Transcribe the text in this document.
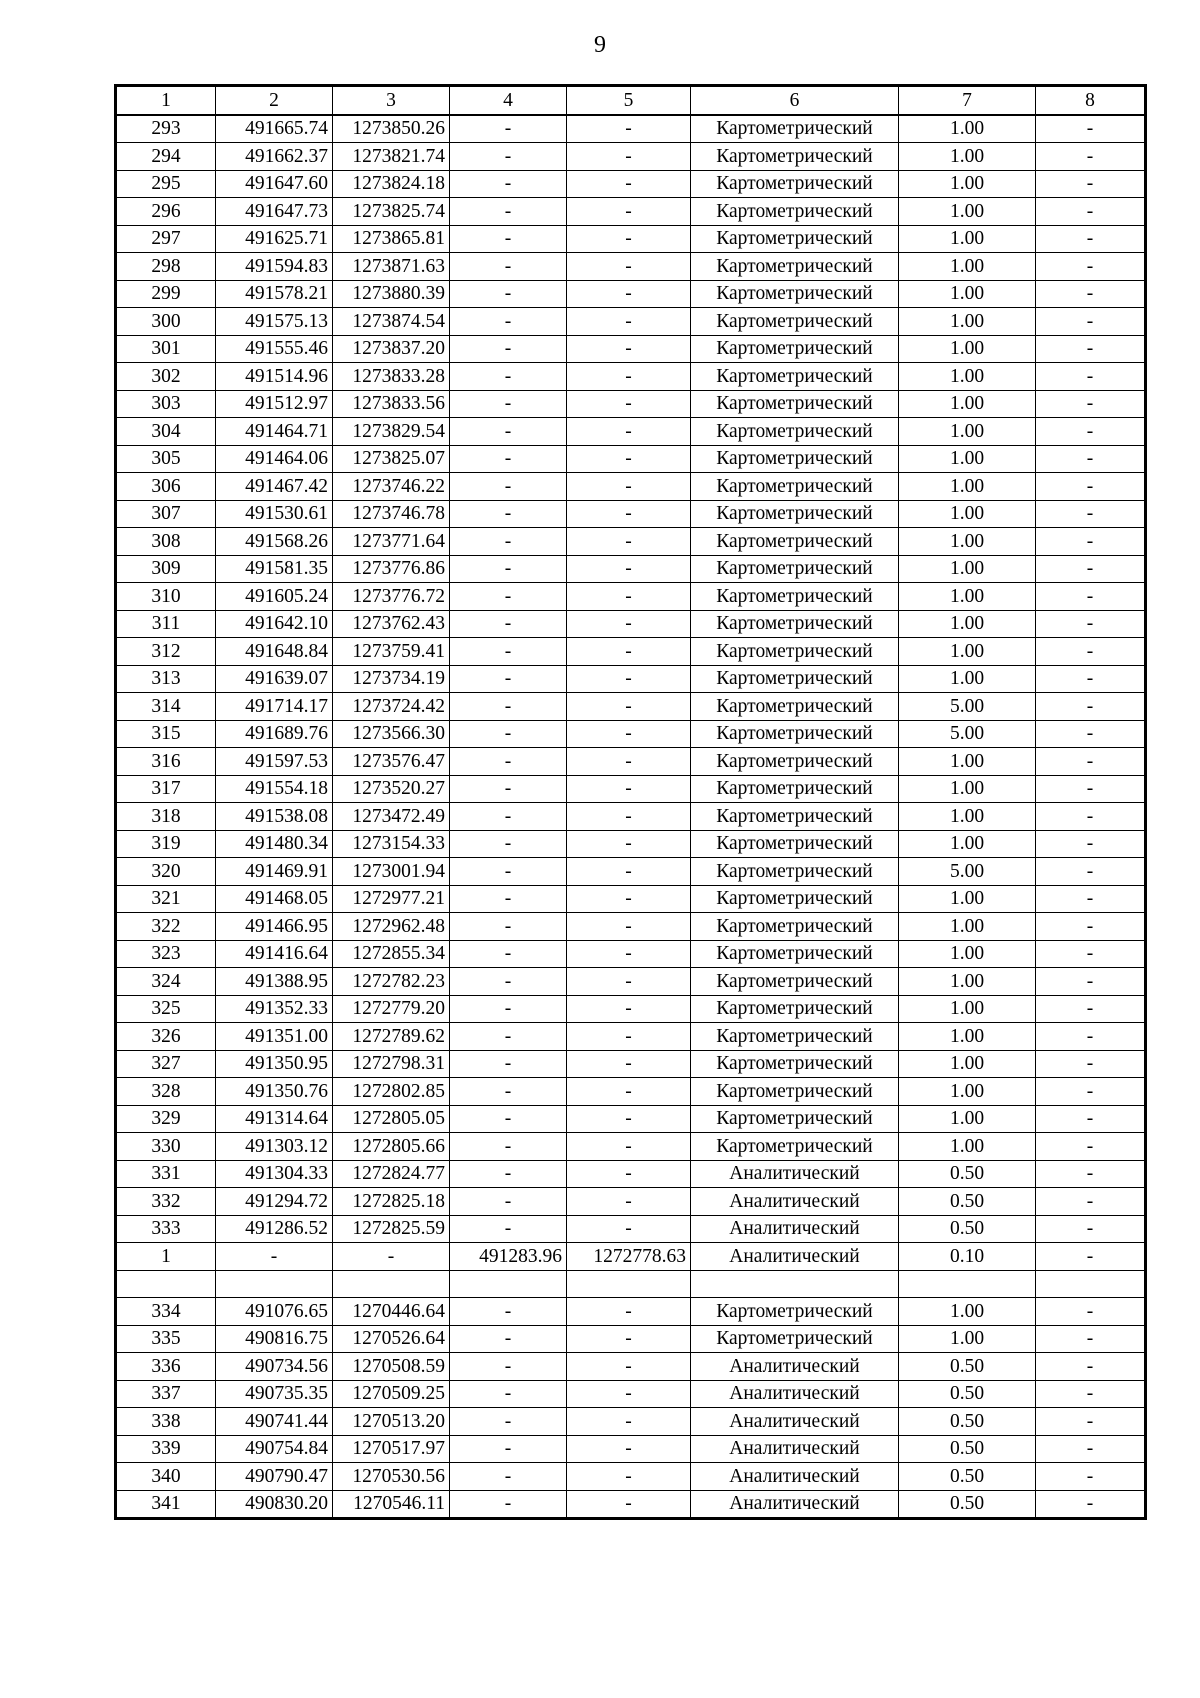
9
1	2	3	4	5	6	7	8
293	491665.74	1273850.26	-	-	Картометрический	1.00	-
294	491662.37	1273821.74	-	-	Картометрический	1.00	-
295	491647.60	1273824.18	-	-	Картометрический	1.00	-
296	491647.73	1273825.74	-	-	Картометрический	1.00	-
297	491625.71	1273865.81	-	-	Картометрический	1.00	-
298	491594.83	1273871.63	-	-	Картометрический	1.00	-
299	491578.21	1273880.39	-	-	Картометрический	1.00	-
300	491575.13	1273874.54	-	-	Картометрический	1.00	-
301	491555.46	1273837.20	-	-	Картометрический	1.00	-
302	491514.96	1273833.28	-	-	Картометрический	1.00	-
303	491512.97	1273833.56	-	-	Картометрический	1.00	-
304	491464.71	1273829.54	-	-	Картометрический	1.00	-
305	491464.06	1273825.07	-	-	Картометрический	1.00	-
306	491467.42	1273746.22	-	-	Картометрический	1.00	-
307	491530.61	1273746.78	-	-	Картометрический	1.00	-
308	491568.26	1273771.64	-	-	Картометрический	1.00	-
309	491581.35	1273776.86	-	-	Картометрический	1.00	-
310	491605.24	1273776.72	-	-	Картометрический	1.00	-
311	491642.10	1273762.43	-	-	Картометрический	1.00	-
312	491648.84	1273759.41	-	-	Картометрический	1.00	-
313	491639.07	1273734.19	-	-	Картометрический	1.00	-
314	491714.17	1273724.42	-	-	Картометрический	5.00	-
315	491689.76	1273566.30	-	-	Картометрический	5.00	-
316	491597.53	1273576.47	-	-	Картометрический	1.00	-
317	491554.18	1273520.27	-	-	Картометрический	1.00	-
318	491538.08	1273472.49	-	-	Картометрический	1.00	-
319	491480.34	1273154.33	-	-	Картометрический	1.00	-
320	491469.91	1273001.94	-	-	Картометрический	5.00	-
321	491468.05	1272977.21	-	-	Картометрический	1.00	-
322	491466.95	1272962.48	-	-	Картометрический	1.00	-
323	491416.64	1272855.34	-	-	Картометрический	1.00	-
324	491388.95	1272782.23	-	-	Картометрический	1.00	-
325	491352.33	1272779.20	-	-	Картометрический	1.00	-
326	491351.00	1272789.62	-	-	Картометрический	1.00	-
327	491350.95	1272798.31	-	-	Картометрический	1.00	-
328	491350.76	1272802.85	-	-	Картометрический	1.00	-
329	491314.64	1272805.05	-	-	Картометрический	1.00	-
330	491303.12	1272805.66	-	-	Картометрический	1.00	-
331	491304.33	1272824.77	-	-	Аналитический	0.50	-
332	491294.72	1272825.18	-	-	Аналитический	0.50	-
333	491286.52	1272825.59	-	-	Аналитический	0.50	-
1	-	-	491283.96	1272778.63	Аналитический	0.10	-

334	491076.65	1270446.64	-	-	Картометрический	1.00	-
335	490816.75	1270526.64	-	-	Картометрический	1.00	-
336	490734.56	1270508.59	-	-	Аналитический	0.50	-
337	490735.35	1270509.25	-	-	Аналитический	0.50	-
338	490741.44	1270513.20	-	-	Аналитический	0.50	-
339	490754.84	1270517.97	-	-	Аналитический	0.50	-
340	490790.47	1270530.56	-	-	Аналитический	0.50	-
341	490830.20	1270546.11	-	-	Аналитический	0.50	-
